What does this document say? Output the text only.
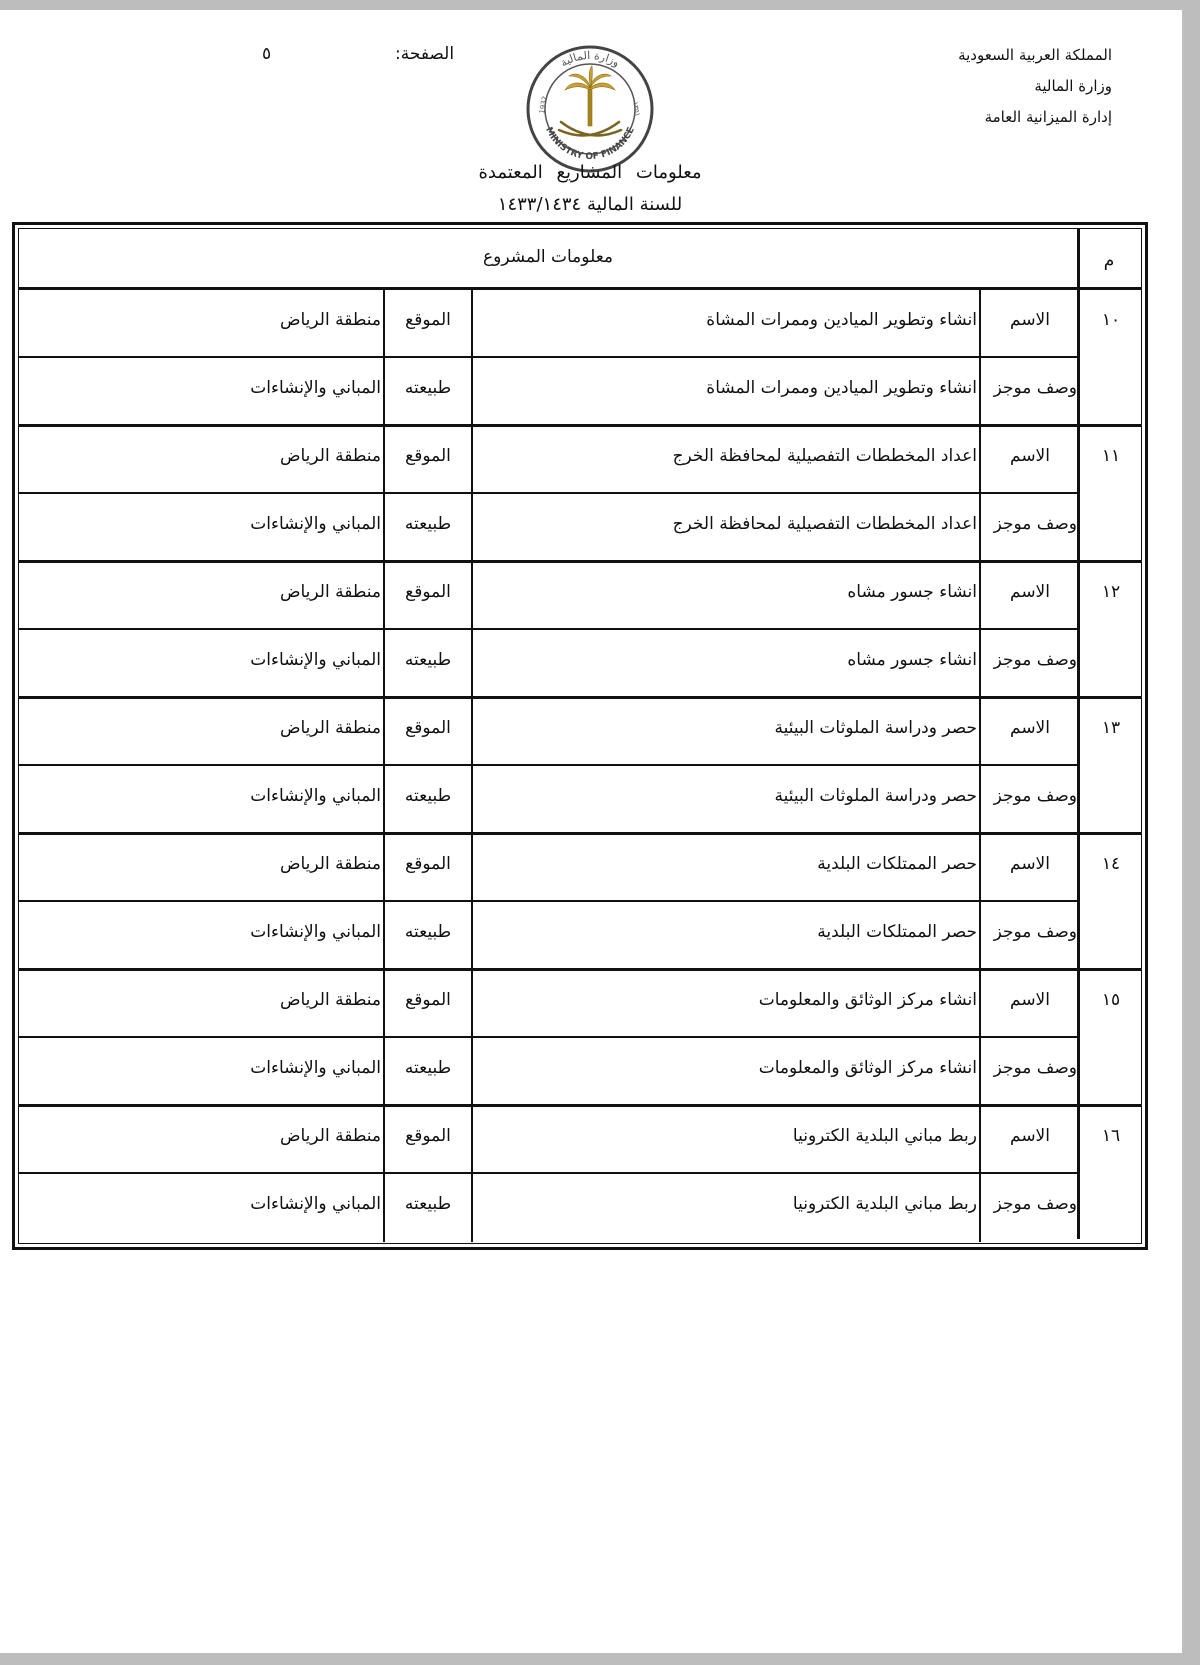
المملكة العربية السعودية
وزارة المالية
إدارة الميزانية العامة
الصفحة:
٥	وزارة المالية
MINISTRY OF FINANCE
1932	١٣٥١
معلومات المشاريع المعتمدة
للسنة المالية ١٤٣٣/١٤٣٤
م
معلومات المشروع
١٠
الاسم
انشاء وتطوير الميادين وممرات المشاة
الموقع
منطقة الرياض
وصف موجز
انشاء وتطوير الميادين وممرات المشاة
طبيعته
المباني والإنشاءات
١١
الاسم
اعداد المخططات التفصيلية لمحافظة الخرج
الموقع
منطقة الرياض
وصف موجز
اعداد المخططات التفصيلية لمحافظة الخرج
طبيعته
المباني والإنشاءات
١٢
الاسم
انشاء جسور مشاه
الموقع
منطقة الرياض
وصف موجز
انشاء جسور مشاه
طبيعته
المباني والإنشاءات
١٣
الاسم
حصر ودراسة الملوثات البيئية
الموقع
منطقة الرياض
وصف موجز
حصر ودراسة الملوثات البيئية
طبيعته
المباني والإنشاءات
١٤
الاسم
حصر الممتلكات البلدية
الموقع
منطقة الرياض
وصف موجز
حصر الممتلكات البلدية
طبيعته
المباني والإنشاءات
١٥
الاسم
انشاء مركز الوثائق والمعلومات
الموقع
منطقة الرياض
وصف موجز
انشاء مركز الوثائق والمعلومات
طبيعته
المباني والإنشاءات
١٦
الاسم
ربط مباني البلدية الكترونيا
الموقع
منطقة الرياض
وصف موجز
ربط مباني البلدية الكترونيا
طبيعته
المباني والإنشاءات
